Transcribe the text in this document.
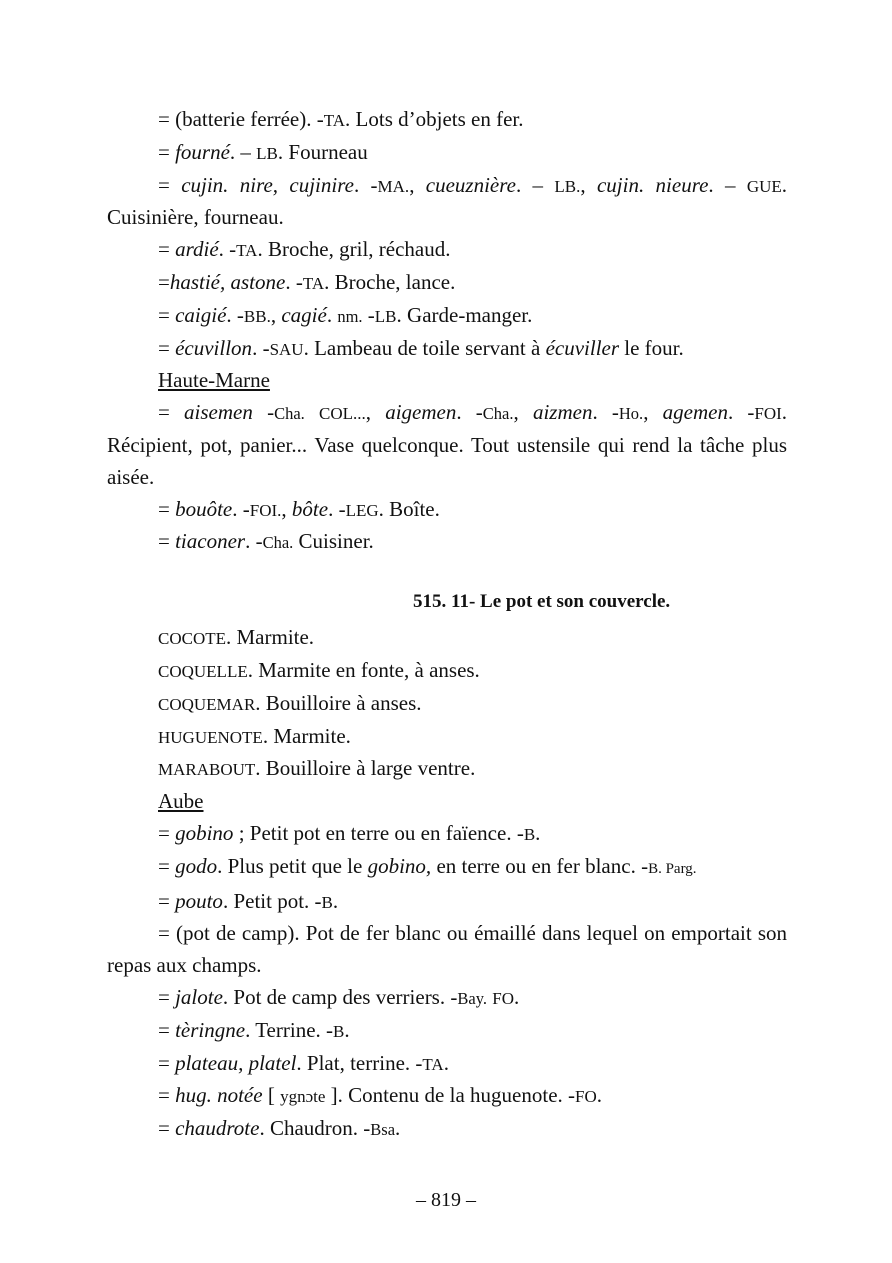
= (batterie ferrée). -TA. Lots d’objets en fer.

= fourné. – LB. Fourneau

= cujin. nire, cujinire. -MA., cueuznière. – LB., cujin. nieure. – GUE. Cuisinière, fourneau.

= ardié. -TA. Broche, gril, réchaud.

=hastié, astone. -TA. Broche, lance.

= caigié. -BB., cagié. nm. -LB. Garde-manger.

= écuvillon. -SAU. Lambeau de toile servant à écuviller le four.

Haute-Marne

= aisemen -Cha. COL..., aigemen. -Cha., aizmen. -Ho., agemen. -FOI. Récipient, pot, panier... Vase quelconque. Tout ustensile qui rend la tâche plus aisée.

= bouôte. -FOI., bôte. -LEG. Boîte.

= tiaconer. -Cha. Cuisiner.

515. 11- Le pot et son couvercle.

COCOTE. Marmite.

COQUELLE. Marmite en fonte, à anses.

COQUEMAR. Bouilloire à anses.

HUGUENOTE. Marmite.

MARABOUT. Bouilloire à large ventre.

Aube

= gobino ; Petit pot en terre ou en faïence. -B.

= godo. Plus petit que le gobino, en terre ou en fer blanc. -B. Parg.

= pouto. Petit pot. -B.

= (pot de camp). Pot de fer blanc ou émaillé dans lequel on emportait son repas aux champs.

= jalote. Pot de camp des verriers. -Bay. FO.

= tèringne. Terrine. -B.

= plateau, platel. Plat, terrine. -TA.

= hug. notée [ ygnɔte ]. Contenu de la huguenote. -FO.

= chaudrote. Chaudron. -Bsa.

– 819 –
